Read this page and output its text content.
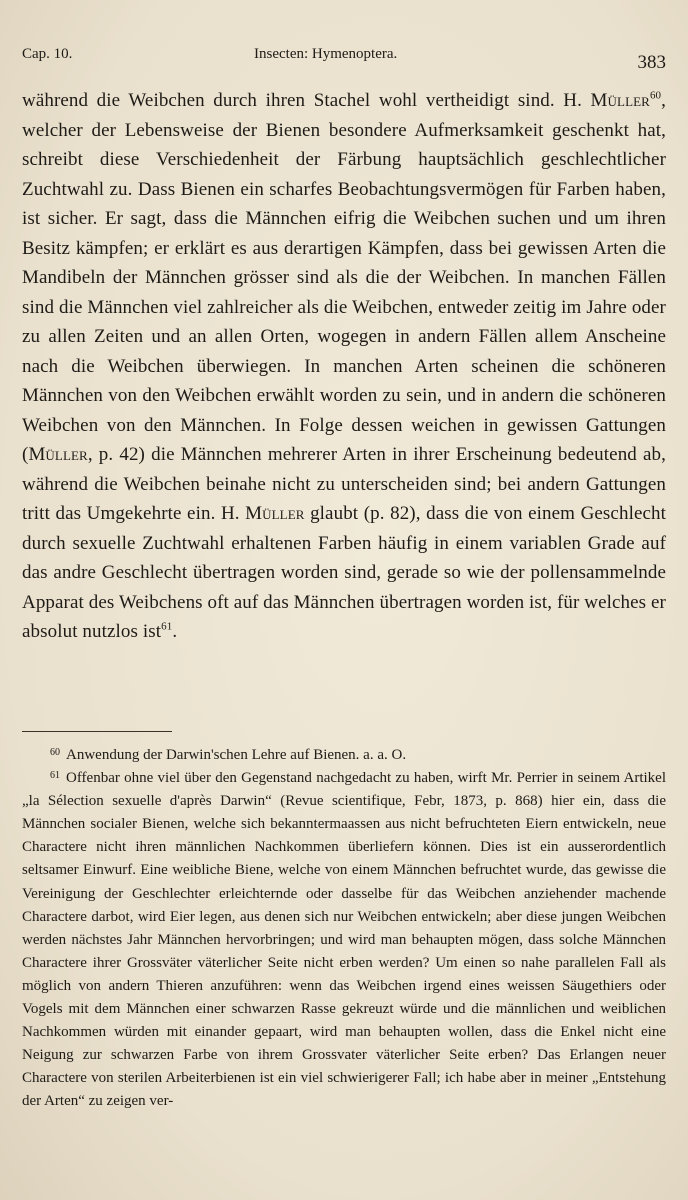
Cap. 10.	Insecten: Hymenoptera.	383

während die Weibchen durch ihren Stachel wohl vertheidigt sind. H. Müller$^{60}$, welcher der Lebensweise der Bienen besondere Aufmerksamkeit geschenkt hat, schreibt diese Verschiedenheit der Färbung hauptsächlich geschlechtlicher Zuchtwahl zu. Dass Bienen ein scharfes Beobachtungsvermögen für Farben haben, ist sicher. Er sagt, dass die Männchen eifrig die Weibchen suchen und um ihren Besitz kämpfen; er erklärt es aus derartigen Kämpfen, dass bei gewissen Arten die Mandibeln der Männchen grösser sind als die der Weibchen. In manchen Fällen sind die Männchen viel zahlreicher als die Weibchen, entweder zeitig im Jahre oder zu allen Zeiten und an allen Orten, wogegen in andern Fällen allem Anscheine nach die Weibchen überwiegen. In manchen Arten scheinen die schöneren Männchen von den Weibchen erwählt worden zu sein, und in andern die schöneren Weibchen von den Männchen. In Folge dessen weichen in gewissen Gattungen (Müller, p. 42) die Männchen mehrerer Arten in ihrer Erscheinung bedeutend ab, während die Weibchen beinahe nicht zu unterscheiden sind; bei andern Gattungen tritt das Umgekehrte ein. H. Müller glaubt (p. 82), dass die von einem Geschlecht durch sexuelle Zuchtwahl erhaltenen Farben häufig in einem variablen Grade auf das andre Geschlecht übertragen worden sind, gerade so wie der pollensammelnde Apparat des Weibchens oft auf das Männchen übertragen worden ist, für welches er absolut nutzlos ist$^{61}$.

$^{60}$ Anwendung der Darwin'schen Lehre auf Bienen. a. a. O.

$^{61}$ Offenbar ohne viel über den Gegenstand nachgedacht zu haben, wirft Mr. Perrier in seinem Artikel „la Sélection sexuelle d'après Darwin“ (Revue scientifique, Febr, 1873, p. 868) hier ein, dass die Männchen socialer Bienen, welche sich bekanntermaassen aus nicht befruchteten Eiern entwickeln, neue Charactere nicht ihren männlichen Nachkommen überliefern können. Dies ist ein ausserordentlich seltsamer Einwurf. Eine weibliche Biene, welche von einem Männchen befruchtet wurde, das gewisse die Vereinigung der Geschlechter erleichternde oder dasselbe für das Weibchen anziehender machende Charactere darbot, wird Eier legen, aus denen sich nur Weibchen entwickeln; aber diese jungen Weibchen werden nächstes Jahr Männchen hervorbringen; und wird man behaupten mögen, dass solche Männchen Charactere ihrer Grossväter väterlicher Seite nicht erben werden? Um einen so nahe parallelen Fall als möglich von andern Thieren anzuführen: wenn das Weibchen irgend eines weissen Säugethiers oder Vogels mit dem Männchen einer schwarzen Rasse gekreuzt würde und die männlichen und weiblichen Nachkommen würden mit einander gepaart, wird man behaupten wollen, dass die Enkel nicht eine Neigung zur schwarzen Farbe von ihrem Grossvater väterlicher Seite erben? Das Erlangen neuer Charactere von sterilen Arbeiterbienen ist ein viel schwierigerer Fall; ich habe aber in meiner „Entstehung der Arten“ zu zeigen ver-
